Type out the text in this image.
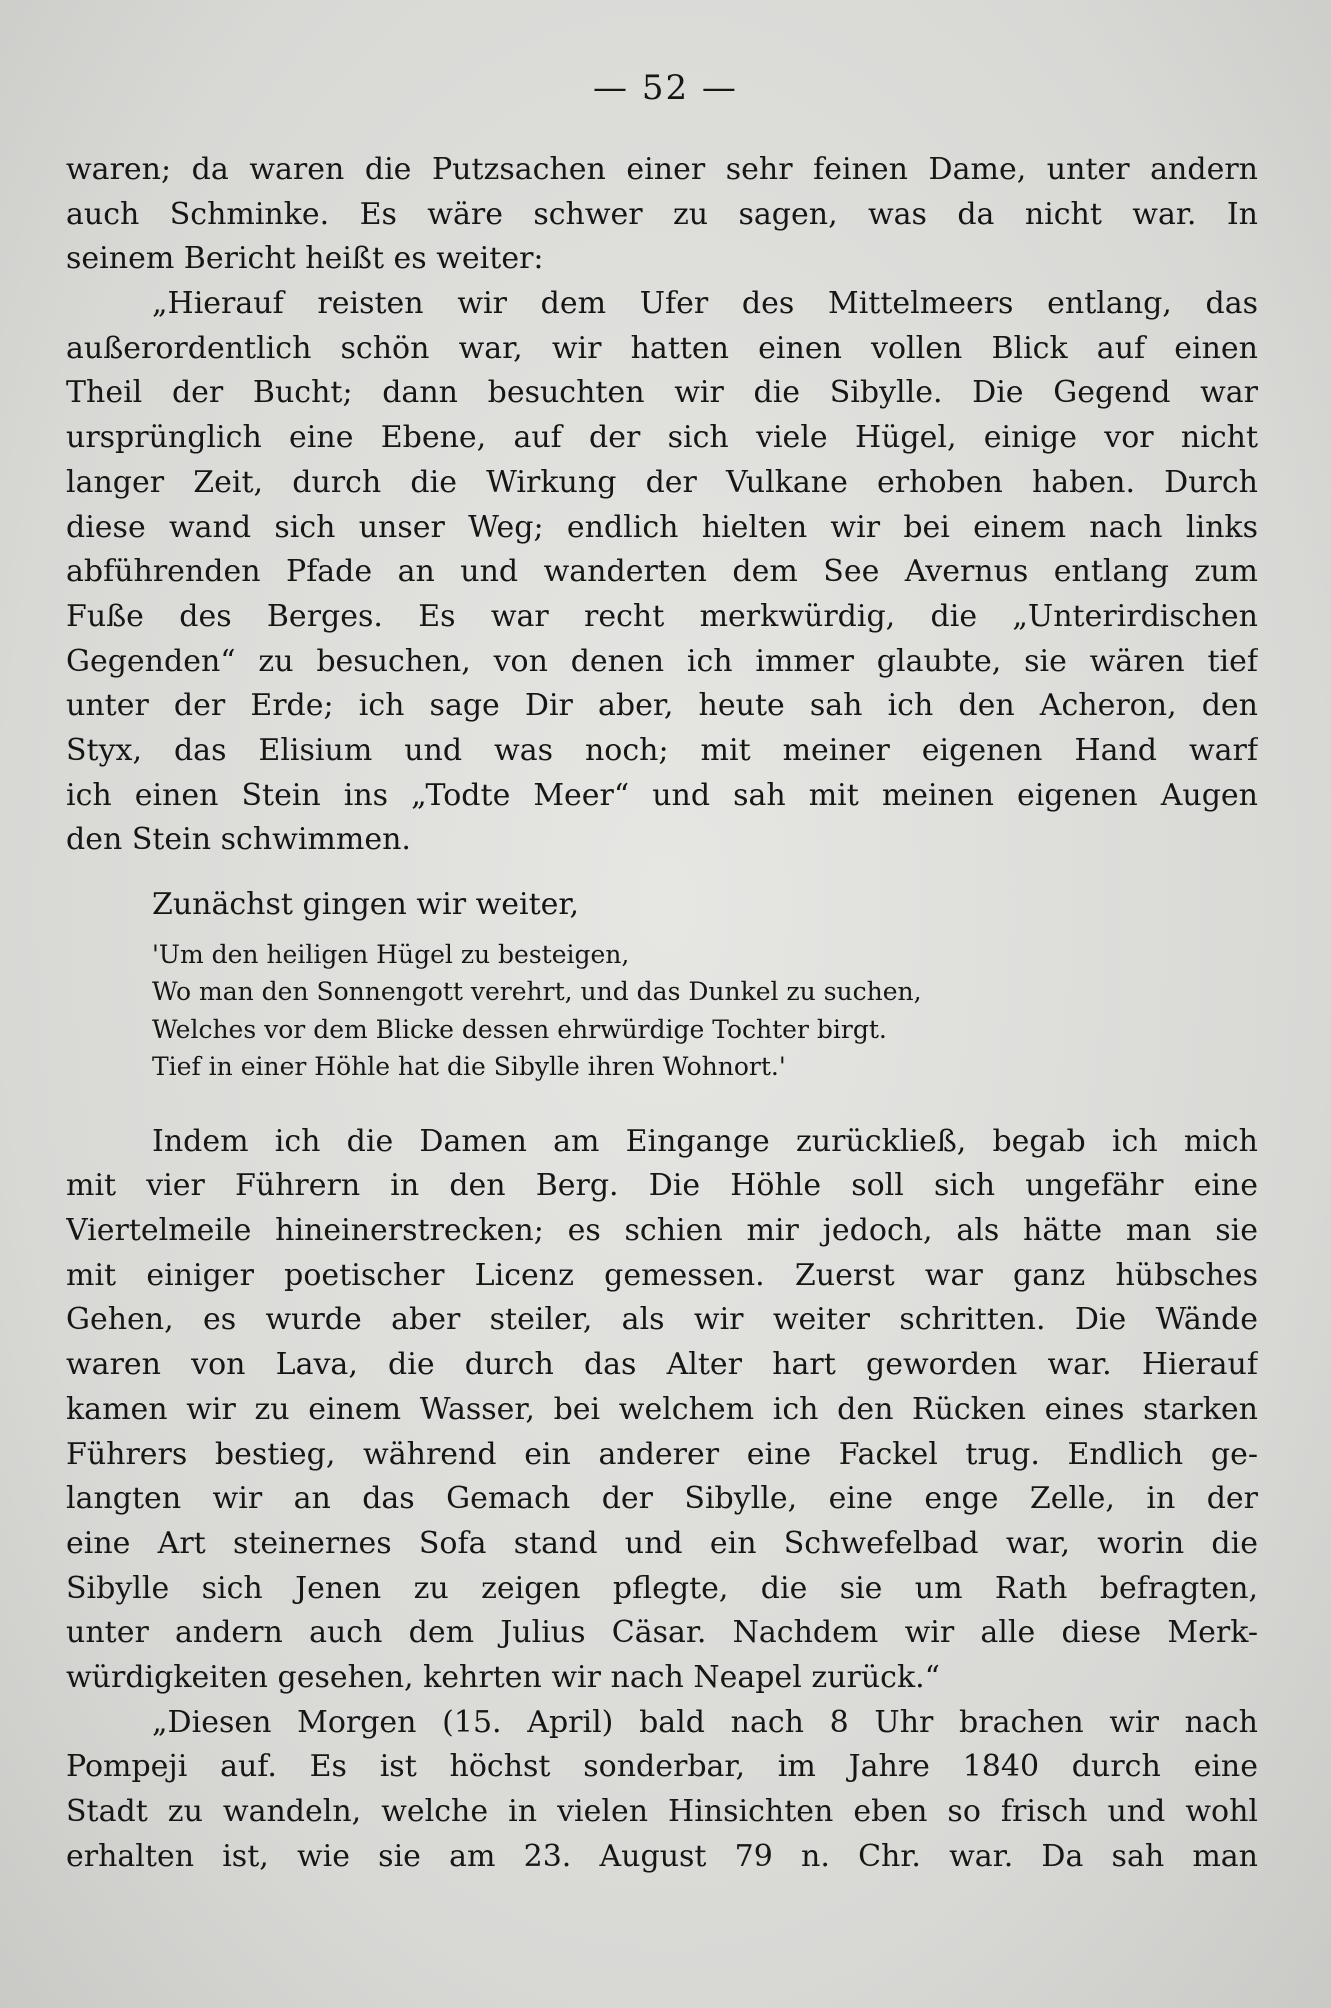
— 52 —
waren; da waren die Putzsachen einer sehr feinen Dame, unter andern
auch Schminke. Es wäre schwer zu sagen, was da nicht war. In
seinem Bericht heißt es weiter:
„Hierauf reisten wir dem Ufer des Mittelmeers entlang, das
außerordentlich schön war, wir hatten einen vollen Blick auf einen
Theil der Bucht; dann besuchten wir die Sibylle. Die Gegend war
ursprünglich eine Ebene, auf der sich viele Hügel, einige vor nicht
langer Zeit, durch die Wirkung der Vulkane erhoben haben. Durch
diese wand sich unser Weg; endlich hielten wir bei einem nach links
abführenden Pfade an und wanderten dem See Avernus entlang zum
Fuße des Berges. Es war recht merkwürdig, die „Unterirdischen
Gegenden“ zu besuchen, von denen ich immer glaubte, sie wären tief
unter der Erde; ich sage Dir aber, heute sah ich den Acheron, den
Styx, das Elisium und was noch; mit meiner eigenen Hand warf
ich einen Stein ins „Todte Meer“ und sah mit meinen eigenen Augen
den Stein schwimmen.
Zunächst gingen wir weiter,
'Um den heiligen Hügel zu besteigen,
Wo man den Sonnengott verehrt, und das Dunkel zu suchen,
Welches vor dem Blicke dessen ehrwürdige Tochter birgt.
Tief in einer Höhle hat die Sibylle ihren Wohnort.'
Indem ich die Damen am Eingange zurückließ, begab ich mich
mit vier Führern in den Berg. Die Höhle soll sich ungefähr eine
Viertelmeile hineinerstrecken; es schien mir jedoch, als hätte man sie
mit einiger poetischer Licenz gemessen. Zuerst war ganz hübsches
Gehen, es wurde aber steiler, als wir weiter schritten. Die Wände
waren von Lava, die durch das Alter hart geworden war. Hierauf
kamen wir zu einem Wasser, bei welchem ich den Rücken eines starken
Führers bestieg, während ein anderer eine Fackel trug. Endlich ge-
langten wir an das Gemach der Sibylle, eine enge Zelle, in der
eine Art steinernes Sofa stand und ein Schwefelbad war, worin die
Sibylle sich Jenen zu zeigen pflegte, die sie um Rath befragten,
unter andern auch dem Julius Cäsar. Nachdem wir alle diese Merk-
würdigkeiten gesehen, kehrten wir nach Neapel zurück.“
„Diesen Morgen (15. April) bald nach 8 Uhr brachen wir nach
Pompeji auf. Es ist höchst sonderbar, im Jahre 1840 durch eine
Stadt zu wandeln, welche in vielen Hinsichten eben so frisch und wohl
erhalten ist, wie sie am 23. August 79 n. Chr. war. Da sah man
